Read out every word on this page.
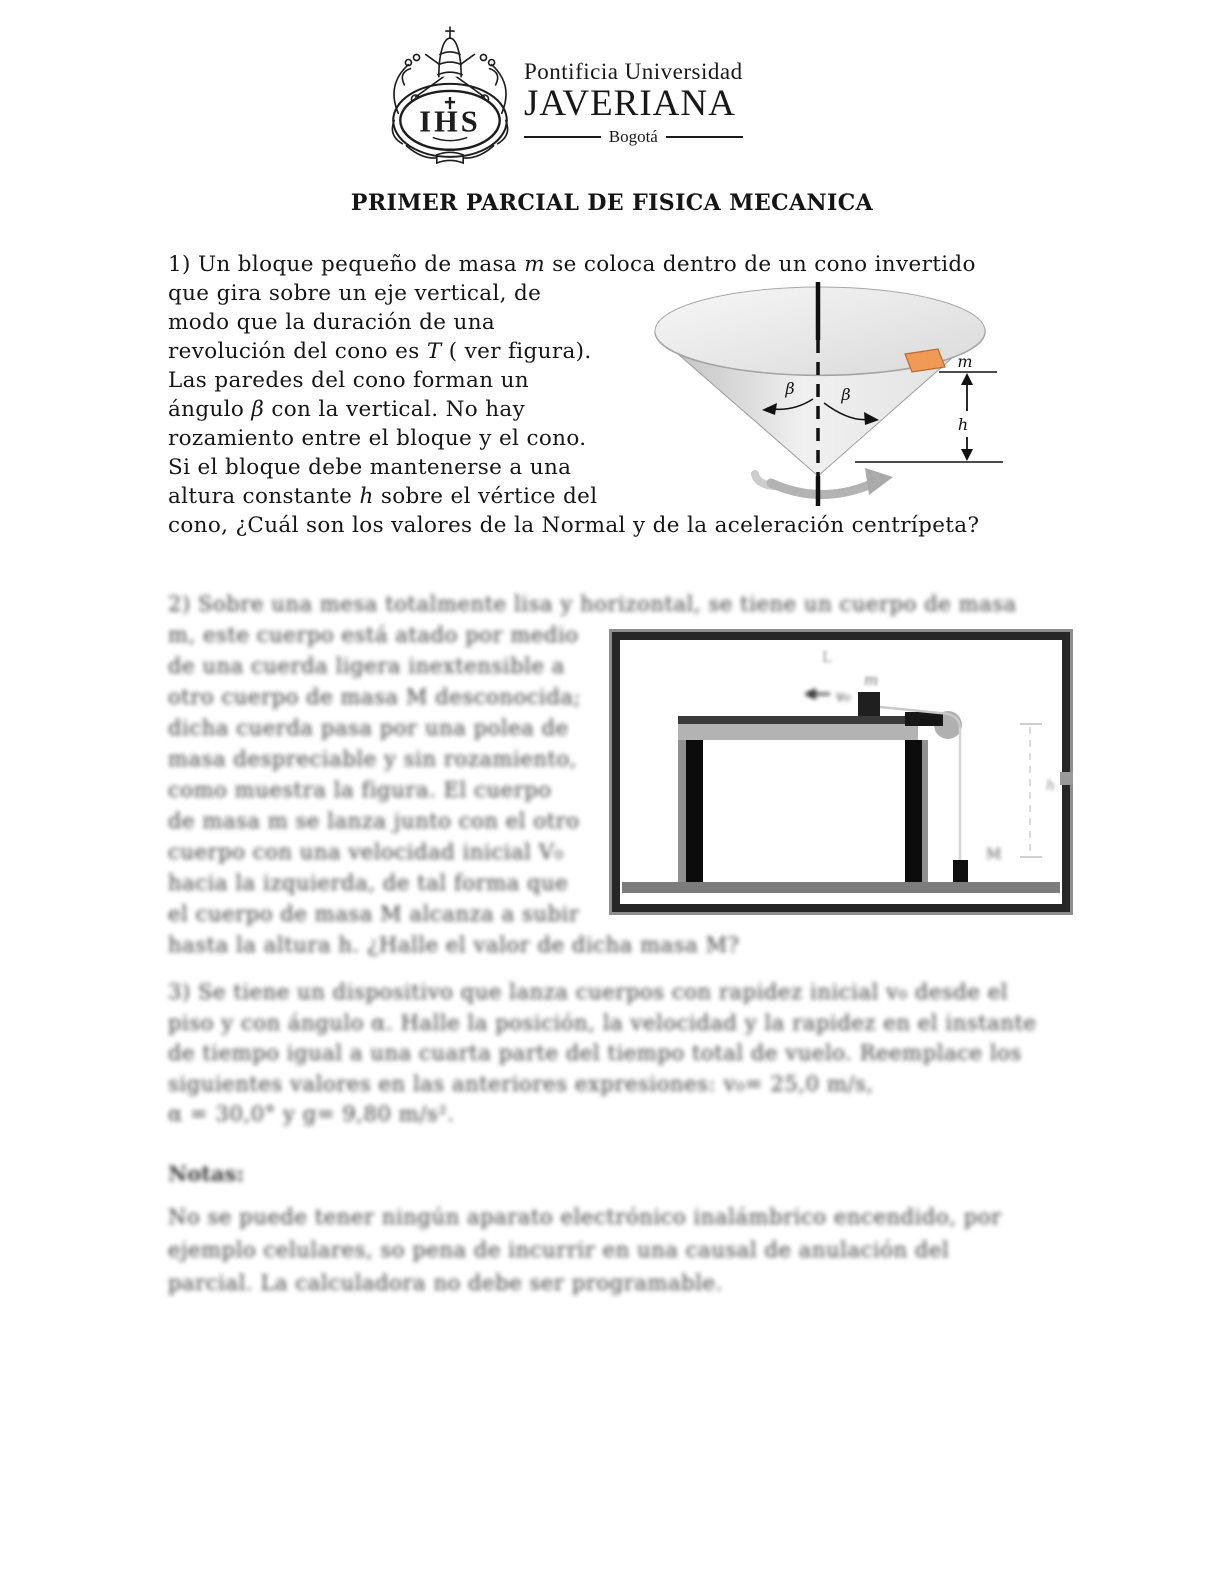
IHS
Pontificia Universidad
JAVERIANA
Bogotá
PRIMER PARCIAL DE FISICA MECANICA
1) Un bloque pequeño de masa m se coloca dentro de un cono invertido
que gira sobre un eje vertical, de
modo que la duración de una
revolución del cono es T ( ver figura).
Las paredes del cono forman un
ángulo β con la vertical. No hay
rozamiento entre el bloque y el cono.
Si el bloque debe mantenerse a una
altura constante h sobre el vértice del
cono, ¿Cuál son los valores de la Normal y de la aceleración centrípeta?
β	β
m
h
2) Sobre una mesa totalmente lisa y horizontal, se tiene un cuerpo de masa
m, este cuerpo está atado por medio
de una cuerda ligera inextensible a
otro cuerpo de masa M desconocida;
dicha cuerda pasa por una polea de
masa despreciable y sin rozamiento,
como muestra la figura. El cuerpo
de masa m se lanza junto con el otro
cuerpo con una velocidad inicial V₀
hacia la izquierda, de tal forma que
el cuerpo de masa M alcanza a subir
hasta la altura h. ¿Halle el valor de dicha masa M?
L
v₀
m
M
h
3) Se tiene un dispositivo que lanza cuerpos con rapidez inicial v₀ desde el
piso y con ángulo α. Halle la posición, la velocidad y la rapidez en el instante
de tiempo igual a una cuarta parte del tiempo total de vuelo. Reemplace los
siguientes valores en las anteriores expresiones: v₀= 25,0 m/s,
α = 30,0° y g= 9,80 m/s².
Notas:
No se puede tener ningún aparato electrónico inalámbrico encendido, por
ejemplo celulares, so pena de incurrir en una causal de anulación del
parcial. La calculadora no debe ser programable.
